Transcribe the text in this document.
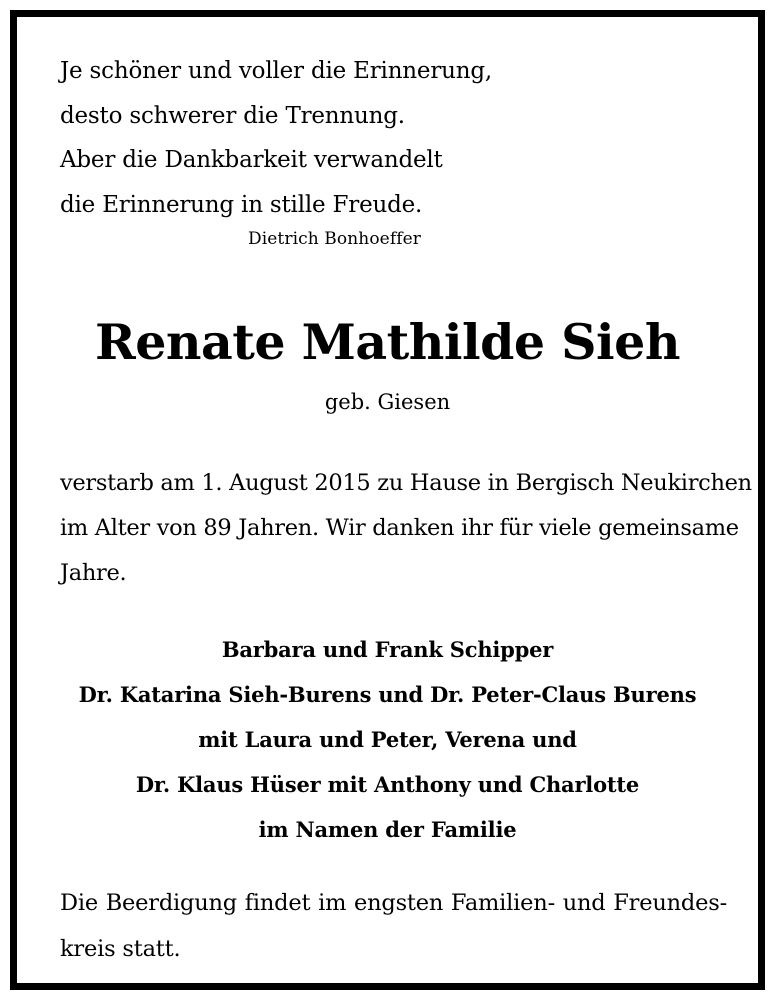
Je schöner und voller die Erinnerung,
desto schwerer die Trennung.
Aber die Dankbarkeit verwandelt
die Erinnerung in stille Freude.
Dietrich Bonhoeffer
Renate Mathilde Sieh
geb. Giesen
verstarb am 1. August 2015 zu Hause in Bergisch Neukirchen
im Alter von 89 Jahren. Wir danken ihr für viele gemeinsame
Jahre.
Barbara und Frank Schipper
Dr. Katarina Sieh-Burens und Dr. Peter-Claus Burens
mit Laura und Peter, Verena und
Dr. Klaus Hüser mit Anthony und Charlotte
im Namen der Familie
Die Beerdigung findet im engsten Familien- und Freundes-
kreis statt.
